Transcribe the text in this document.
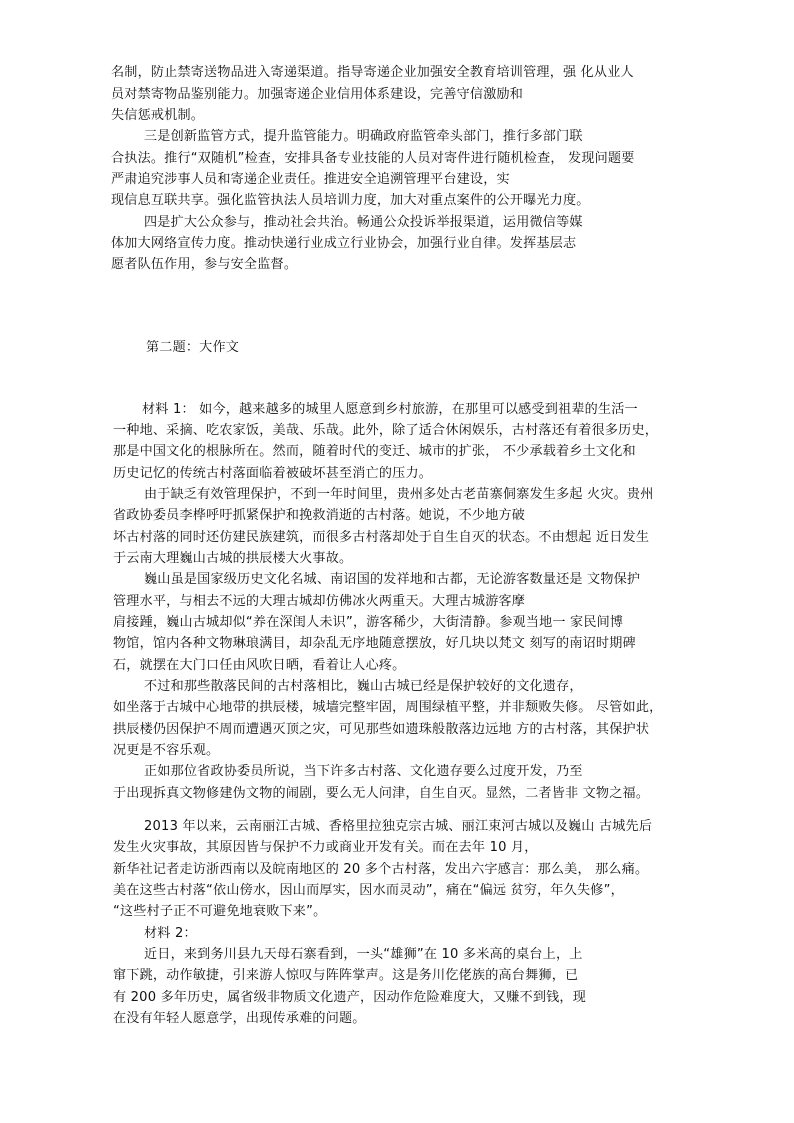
名制，防止禁寄送物品进入寄递渠道。指导寄递企业加强安全教育培训管理，强 化从业人
员对禁寄物品鉴别能力。加强寄递企业信用体系建设，完善守信激励和
失信惩戒机制。
三是创新监管方式，提升监管能力。明确政府监管牵头部门，推行多部门联
合执法。推行“双随机”检查，安排具备专业技能的人员对寄件进行随机检查， 发现问题要
严肃追究涉事人员和寄递企业责任。推进安全追溯管理平台建设，实
现信息互联共享。强化监管执法人员培训力度，加大对重点案件的公开曝光力度。
四是扩大公众参与，推动社会共治。畅通公众投诉举报渠道，运用微信等媒
体加大网络宣传力度。推动快递行业成立行业协会，加强行业自律。发挥基层志
愿者队伍作用，参与安全监督。
第二题：大作文
材料 1： 如今，越来越多的城里人愿意到乡村旅游，在那里可以感受到祖辈的生活一
一种地、采摘、吃农家饭，美哉、乐哉。此外，除了适合休闲娱乐，古村落还有着很多历史，
那是中国文化的根脉所在。然而，随着时代的变迁、城市的扩张， 不少承载着乡土文化和
历史记忆的传统古村落面临着被破坏甚至消亡的压力。
由于缺乏有效管理保护，不到一年时间里，贵州多处古老苗寨侗寨发生多起 火灾。贵州
省政协委员李桦呼吁抓紧保护和挽救消逝的古村落。她说，不少地方破
坏古村落的同时还仿建民族建筑，而很多古村落却处于自生自灭的状态。不由想起 近日发生
于云南大理巍山古城的拱辰楼大火事故。
巍山虽是国家级历史文化名城、南诏国的发祥地和古都，无论游客数量还是 文物保护
管理水平，与相去不远的大理古城却仿佛冰火两重天。大理古城游客摩
肩接踵，巍山古城却似“养在深闺人未识”，游客稀少，大街清静。参观当地一 家民间博
物馆，馆内各种文物琳琅满目，却杂乱无序地随意摆放，好几块以梵文 刻写的南诏时期碑
石，就摆在大门口任由风吹日晒，看着让人心疼。
不过和那些散落民间的古村落相比，巍山古城已经是保护较好的文化遗存，
如坐落于古城中心地带的拱辰楼，城墙完整牢固，周围绿植平整，并非颓败失修。 尽管如此，
拱辰楼仍因保护不周而遭遇灭顶之灾，可见那些如遗珠般散落边远地 方的古村落，其保护状
况更是不容乐观。
正如那位省政协委员所说，当下许多古村落、文化遗存要么过度开发，乃至
于出现拆真文物修建伪文物的闹剧，要么无人问津，自生自灭。显然，二者皆非 文物之福。
2013 年以来，云南丽江古城、香格里拉独克宗古城、丽江束河古城以及巍山 古城先后
发生火灾事故，其原因皆与保护不力或商业开发有关。而在去年 10 月，
新华社记者走访浙西南以及皖南地区的 20 多个古村落，发出六字感言：那么美， 那么痛。
美在这些古村落“依山傍水，因山而厚实，因水而灵动”，痛在“偏远 贫穷，年久失修”，
“这些村子正不可避免地衰败下来”。
材料 2：
近日，来到务川县九天母石寨看到，一头“雄狮”在 10 多米高的桌台上，上
窜下跳，动作敏捷，引来游人惊叹与阵阵掌声。这是务川仡佬族的高台舞狮，已
有 200 多年历史，属省级非物质文化遗产，因动作危险难度大，又赚不到钱，现
在没有年轻人愿意学，出现传承难的问题。
